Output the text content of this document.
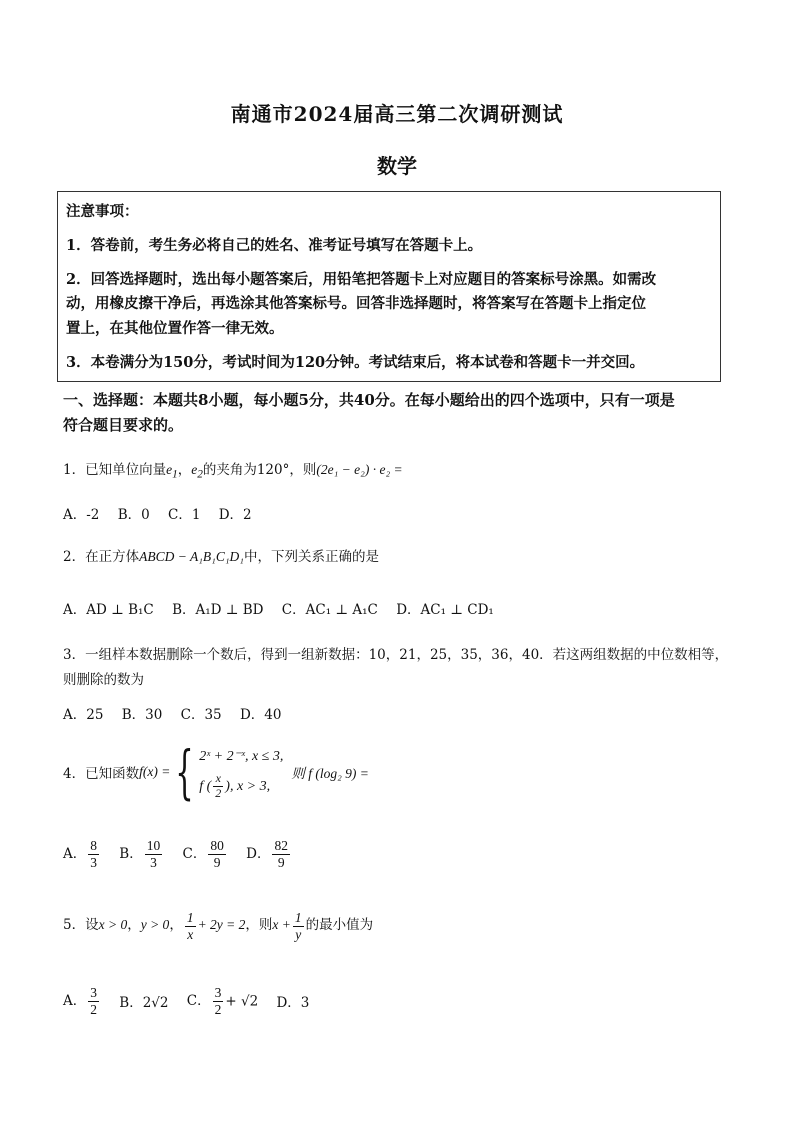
南通市2024届高三第二次调研测试
数学
注意事项：
1．答卷前，考生务必将自己的姓名、准考证号填写在答题卡上。
2．回答选择题时，选出每小题答案后，用铅笔把答题卡上对应题目的答案标号涂黑。如需改
动，用橡皮擦干净后，再选涂其他答案标号。回答非选择题时，将答案写在答题卡上指定位
置上，在其他位置作答一律无效。
3．本卷满分为150分，考试时间为120分钟。考试结束后，将本试卷和答题卡一并交回。
一、选择题：本题共8小题，每小题5分，共40分。在每小题给出的四个选项中，只有一项是
符合题目要求的。
1．已知单位向量$e_1$，$e_2$的夹角为120°，则(2e₁ − e₂) · e₂ =
A．-2 B．0 C．1 D．2
2．在正方体ABCD − A₁B₁C₁D₁中，下列关系正确的是
A．AD ⊥ B₁C B．A₁D ⊥ BD C．AC₁ ⊥ A₁C D．AC₁ ⊥ CD₁
3．一组样本数据删除一个数后，得到一组新数据：10，21，25，35，36，40．若这两组数据的中位数相等，
则删除的数为
A．25 B．30 C．35 D．40
4．已知函数f(x) ={ 2ˣ + 2⁻ˣ, x ≤ 3,
f ( $\frac{x}{2}$ ), x > 3,
则 f (log₂ 9) =
A． $\frac{8}{3}$ B． $\frac{10}{3}$ C． $\frac{80}{9}$ D． $\frac{82}{9}$
5．设x > 0，y > 0， $\frac{1}{x} + 2y = 2$，则$x + \frac{1}{y}$ 的最小值为
A． $\frac{3}{2}$ B．2√2 C． $\frac{3}{2} + √2$ D．3
